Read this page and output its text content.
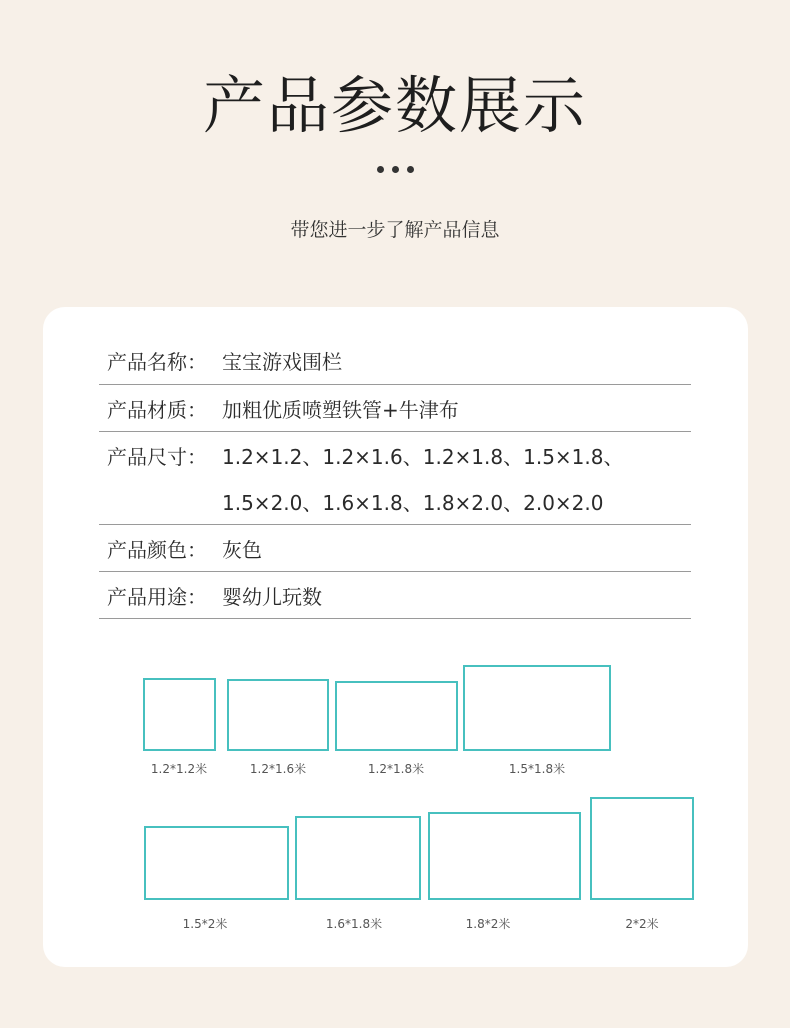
产品参数展示
带您进一步了解产品信息
产品名称： 宝宝游戏围栏
产品材质： 加粗优质喷塑铁管+牛津布
产品尺寸： 1.2×1.2、1.2×1.6、1.2×1.8、1.5×1.8、
1.5×2.0、1.6×1.8、1.8×2.0、2.0×2.0
产品颜色： 灰色
产品用途： 婴幼儿玩数
1.2*1.2米	1.2*1.6米	1.2*1.8米	1.5*1.8米
1.5*2米	1.6*1.8米	1.8*2米	2*2米
